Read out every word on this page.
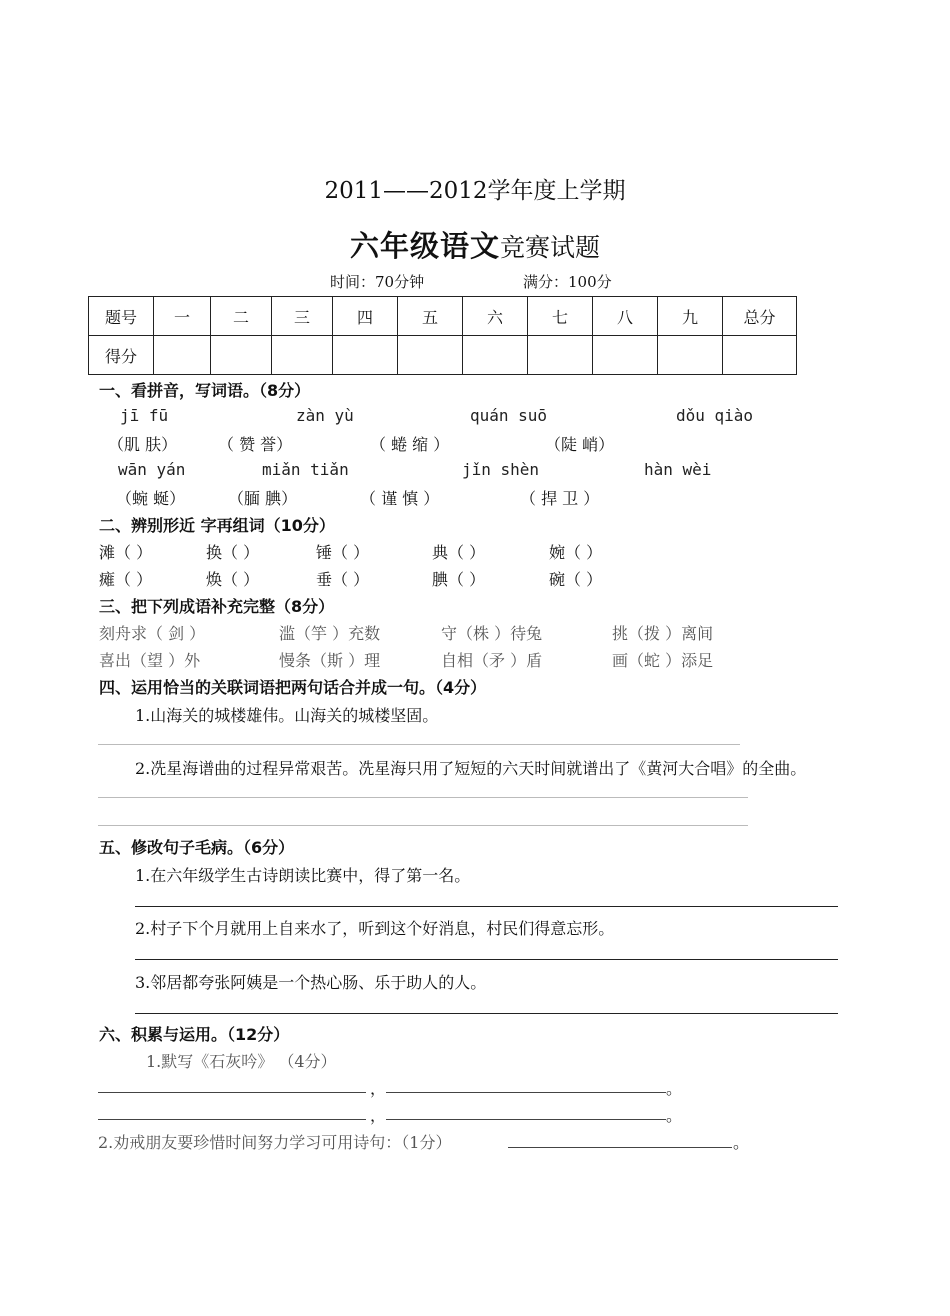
2011——2012学年度上学期
六年级语文竞赛试题
时间：70分钟	满分：100分
题号	一	二	三	四	五	六	七	八	九	总分
得分										
一、看拼音，写词语。（8分）
jī fū	zàn yù	quán suō	dǒu qiào
（肌 肤）	（ 赞 誉）	（ 蜷 缩 ）	（陡 峭）
wān yán	miǎn tiǎn	jǐn shèn	hàn wèi
（蜿 蜒）	（腼 腆）	（ 谨 慎 ）	（ 捍 卫 ）
二、辨别形近 字再组词（10分）
滩（ ）	换（ ）	锤（ ）	典（ ）	婉（ ）
瘫（ ）	焕（ ）	垂（ ）	腆（ ）	碗（ ）
三、把下列成语补充完整（8分）
刻舟求（ 剑 ）	滥（竽 ）充数	守（株 ）待兔	挑（拨 ）离间
喜出（望 ）外	慢条（斯 ）理	自相（矛 ）盾	画（蛇 ）添足
四、运用恰当的关联词语把两句话合并成一句。（4分）
1.山海关的城楼雄伟。山海关的城楼坚固。
2.冼星海谱曲的过程异常艰苦。冼星海只用了短短的六天时间就谱出了《黄河大合唱》的全曲。
五、修改句子毛病。（6分）
1.在六年级学生古诗朗读比赛中，得了第一名。
2.村子下个月就用上自来水了，听到这个好消息，村民们得意忘形。
3.邻居都夸张阿姨是一个热心肠、乐于助人的人。
六、积累与运用。（12分）
1.默写《石灰吟》 （4分）
，	。
，	。
2.劝戒朋友要珍惜时间努力学习可用诗句：（1分）	。
